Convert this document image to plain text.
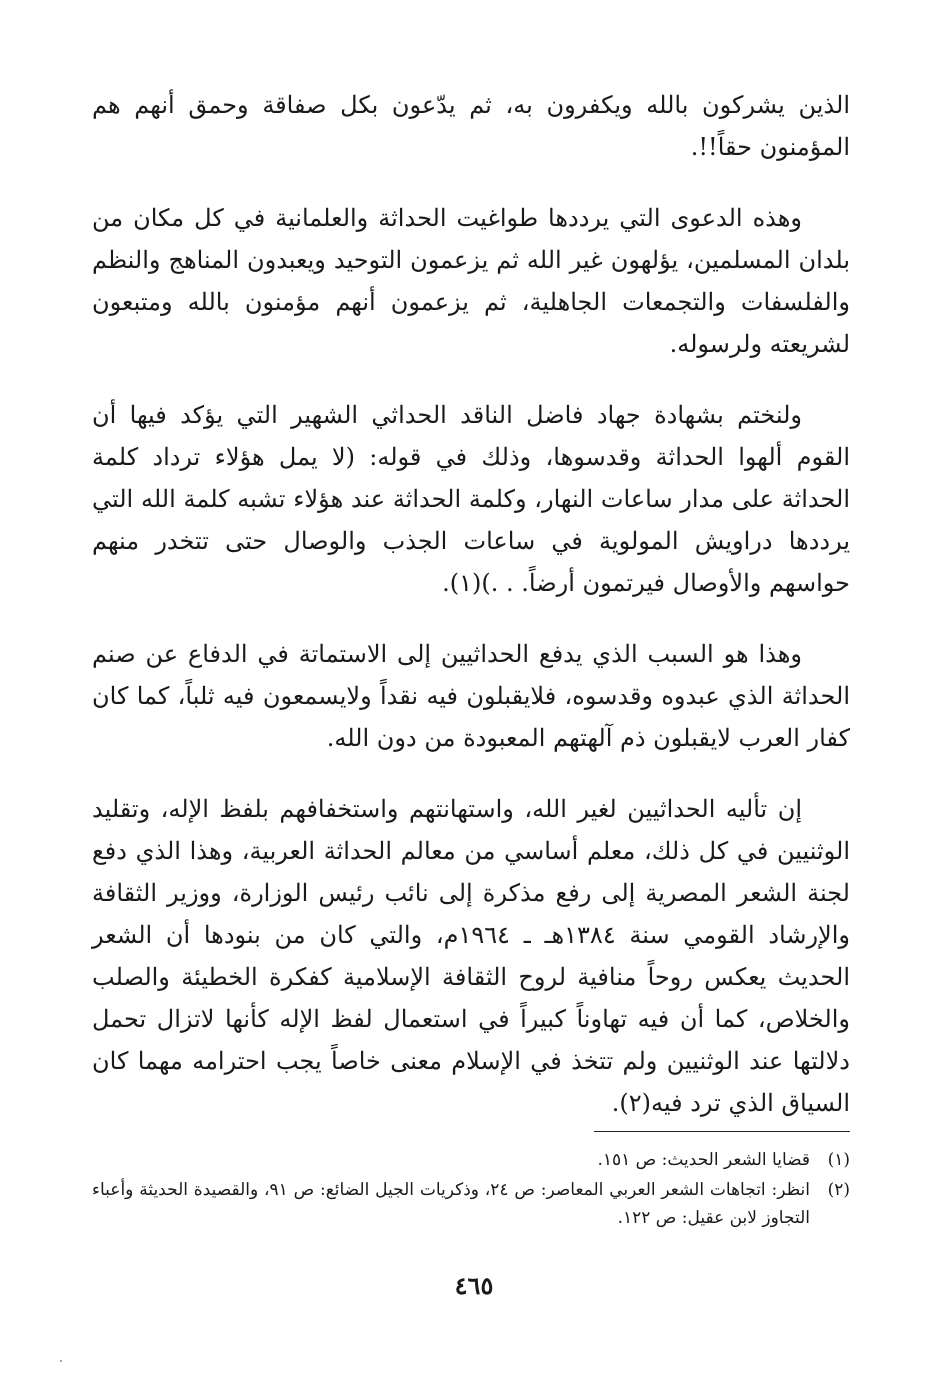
الذين يشركون بالله ويكفرون به، ثم يدّعون بكل صفاقة وحمق أنهم هم المؤمنون حقاً!!.

وهذه الدعوى التي يرددها طواغيت الحداثة والعلمانية في كل مكان من بلدان المسلمين، يؤلهون غير الله ثم يزعمون التوحيد ويعبدون المناهج والنظم والفلسفات والتجمعات الجاهلية، ثم يزعمون أنهم مؤمنون بالله ومتبعون لشريعته ولرسوله.

ولنختم بشهادة جهاد فاضل الناقد الحداثي الشهير التي يؤكد فيها أن القوم ألهوا الحداثة وقدسوها، وذلك في قوله: (لا يمل هؤلاء ترداد كلمة الحداثة على مدار ساعات النهار، وكلمة الحداثة عند هؤلاء تشبه كلمة الله التي يرددها دراويش المولوية في ساعات الجذب والوصال حتى تتخدر منهم حواسهم والأوصال فيرتمون أرضاً. . .)(١).

وهذا هو السبب الذي يدفع الحداثيين إلى الاستماتة في الدفاع عن صنم الحداثة الذي عبدوه وقدسوه، فلايقبلون فيه نقداً ولايسمعون فيه ثلباً، كما كان كفار العرب لايقبلون ذم آلهتهم المعبودة من دون الله.

إن تأليه الحداثيين لغير الله، واستهانتهم واستخفافهم بلفظ الإله، وتقليد الوثنيين في كل ذلك، معلم أساسي من معالم الحداثة العربية، وهذا الذي دفع لجنة الشعر المصرية إلى رفع مذكرة إلى نائب رئيس الوزارة، ووزير الثقافة والإرشاد القومي سنة ١٣٨٤هـ ـ ١٩٦٤م، والتي كان من بنودها أن الشعر الحديث يعكس روحاً منافية لروح الثقافة الإسلامية كفكرة الخطيئة والصلب والخلاص، كما أن فيه تهاوناً كبيراً في استعمال لفظ الإله كأنها لاتزال تحمل دلالتها عند الوثنيين ولم تتخذ في الإسلام معنى خاصاً يجب احترامه مهما كان السياق الذي ترد فيه(٢).

(١)
قضايا الشعر الحديث: ص ١٥١.
(٢)
انظر: اتجاهات الشعر العربي المعاصر: ص ٢٤، وذكريات الجيل الضائع: ص ٩١، والقصيدة الحديثة وأعباء التجاوز لابن عقيل: ص ١٢٢.
٤٦٥
